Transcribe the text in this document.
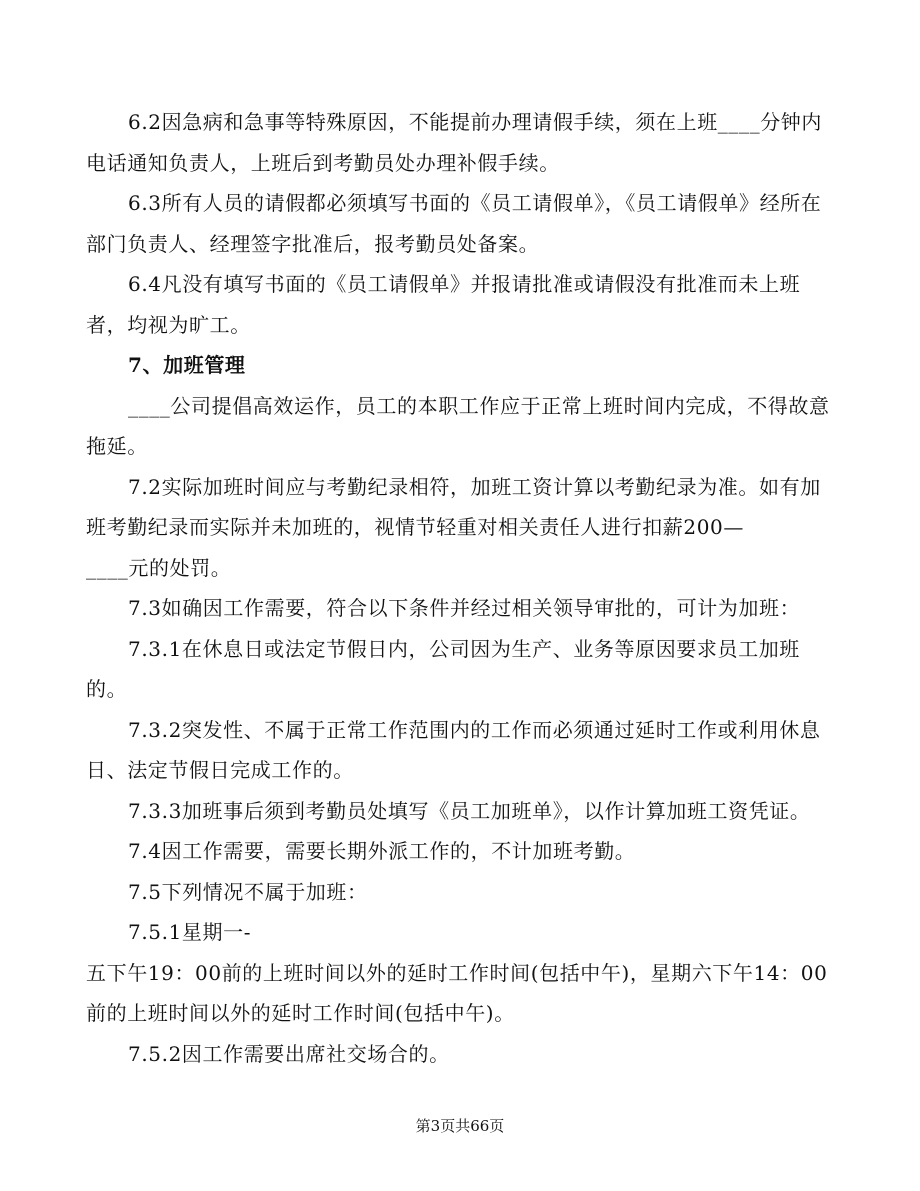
6.2因急病和急事等特殊原因，不能提前办理请假手续，须在上班____分钟内电话通知负责人，上班后到考勤员处办理补假手续。

6.3所有人员的请假都必须填写书面的《员工请假单》，《员工请假单》经所在部门负责人、经理签字批准后，报考勤员处备案。

6.4凡没有填写书面的《员工请假单》并报请批准或请假没有批准而未上班者，均视为旷工。

7、加班管理

____公司提倡高效运作，员工的本职工作应于正常上班时间内完成，不得故意拖延。

7.2实际加班时间应与考勤纪录相符，加班工资计算以考勤纪录为准。如有加班考勤纪录而实际并未加班的，视情节轻重对相关责任人进行扣薪200—

____元的处罚。

7.3如确因工作需要，符合以下条件并经过相关领导审批的，可计为加班：

7.3.1在休息日或法定节假日内，公司因为生产、业务等原因要求员工加班的。

7.3.2突发性、不属于正常工作范围内的工作而必须通过延时工作或利用休息日、法定节假日完成工作的。

7.3.3加班事后须到考勤员处填写《员工加班单》，以作计算加班工资凭证。

7.4因工作需要，需要长期外派工作的，不计加班考勤。

7.5下列情况不属于加班：

7.5.1星期一-

五下午19：00前的上班时间以外的延时工作时间(包括中午)，星期六下午14：00前的上班时间以外的延时工作时间(包括中午)。

7.5.2因工作需要出席社交场合的。

第3页共66页
